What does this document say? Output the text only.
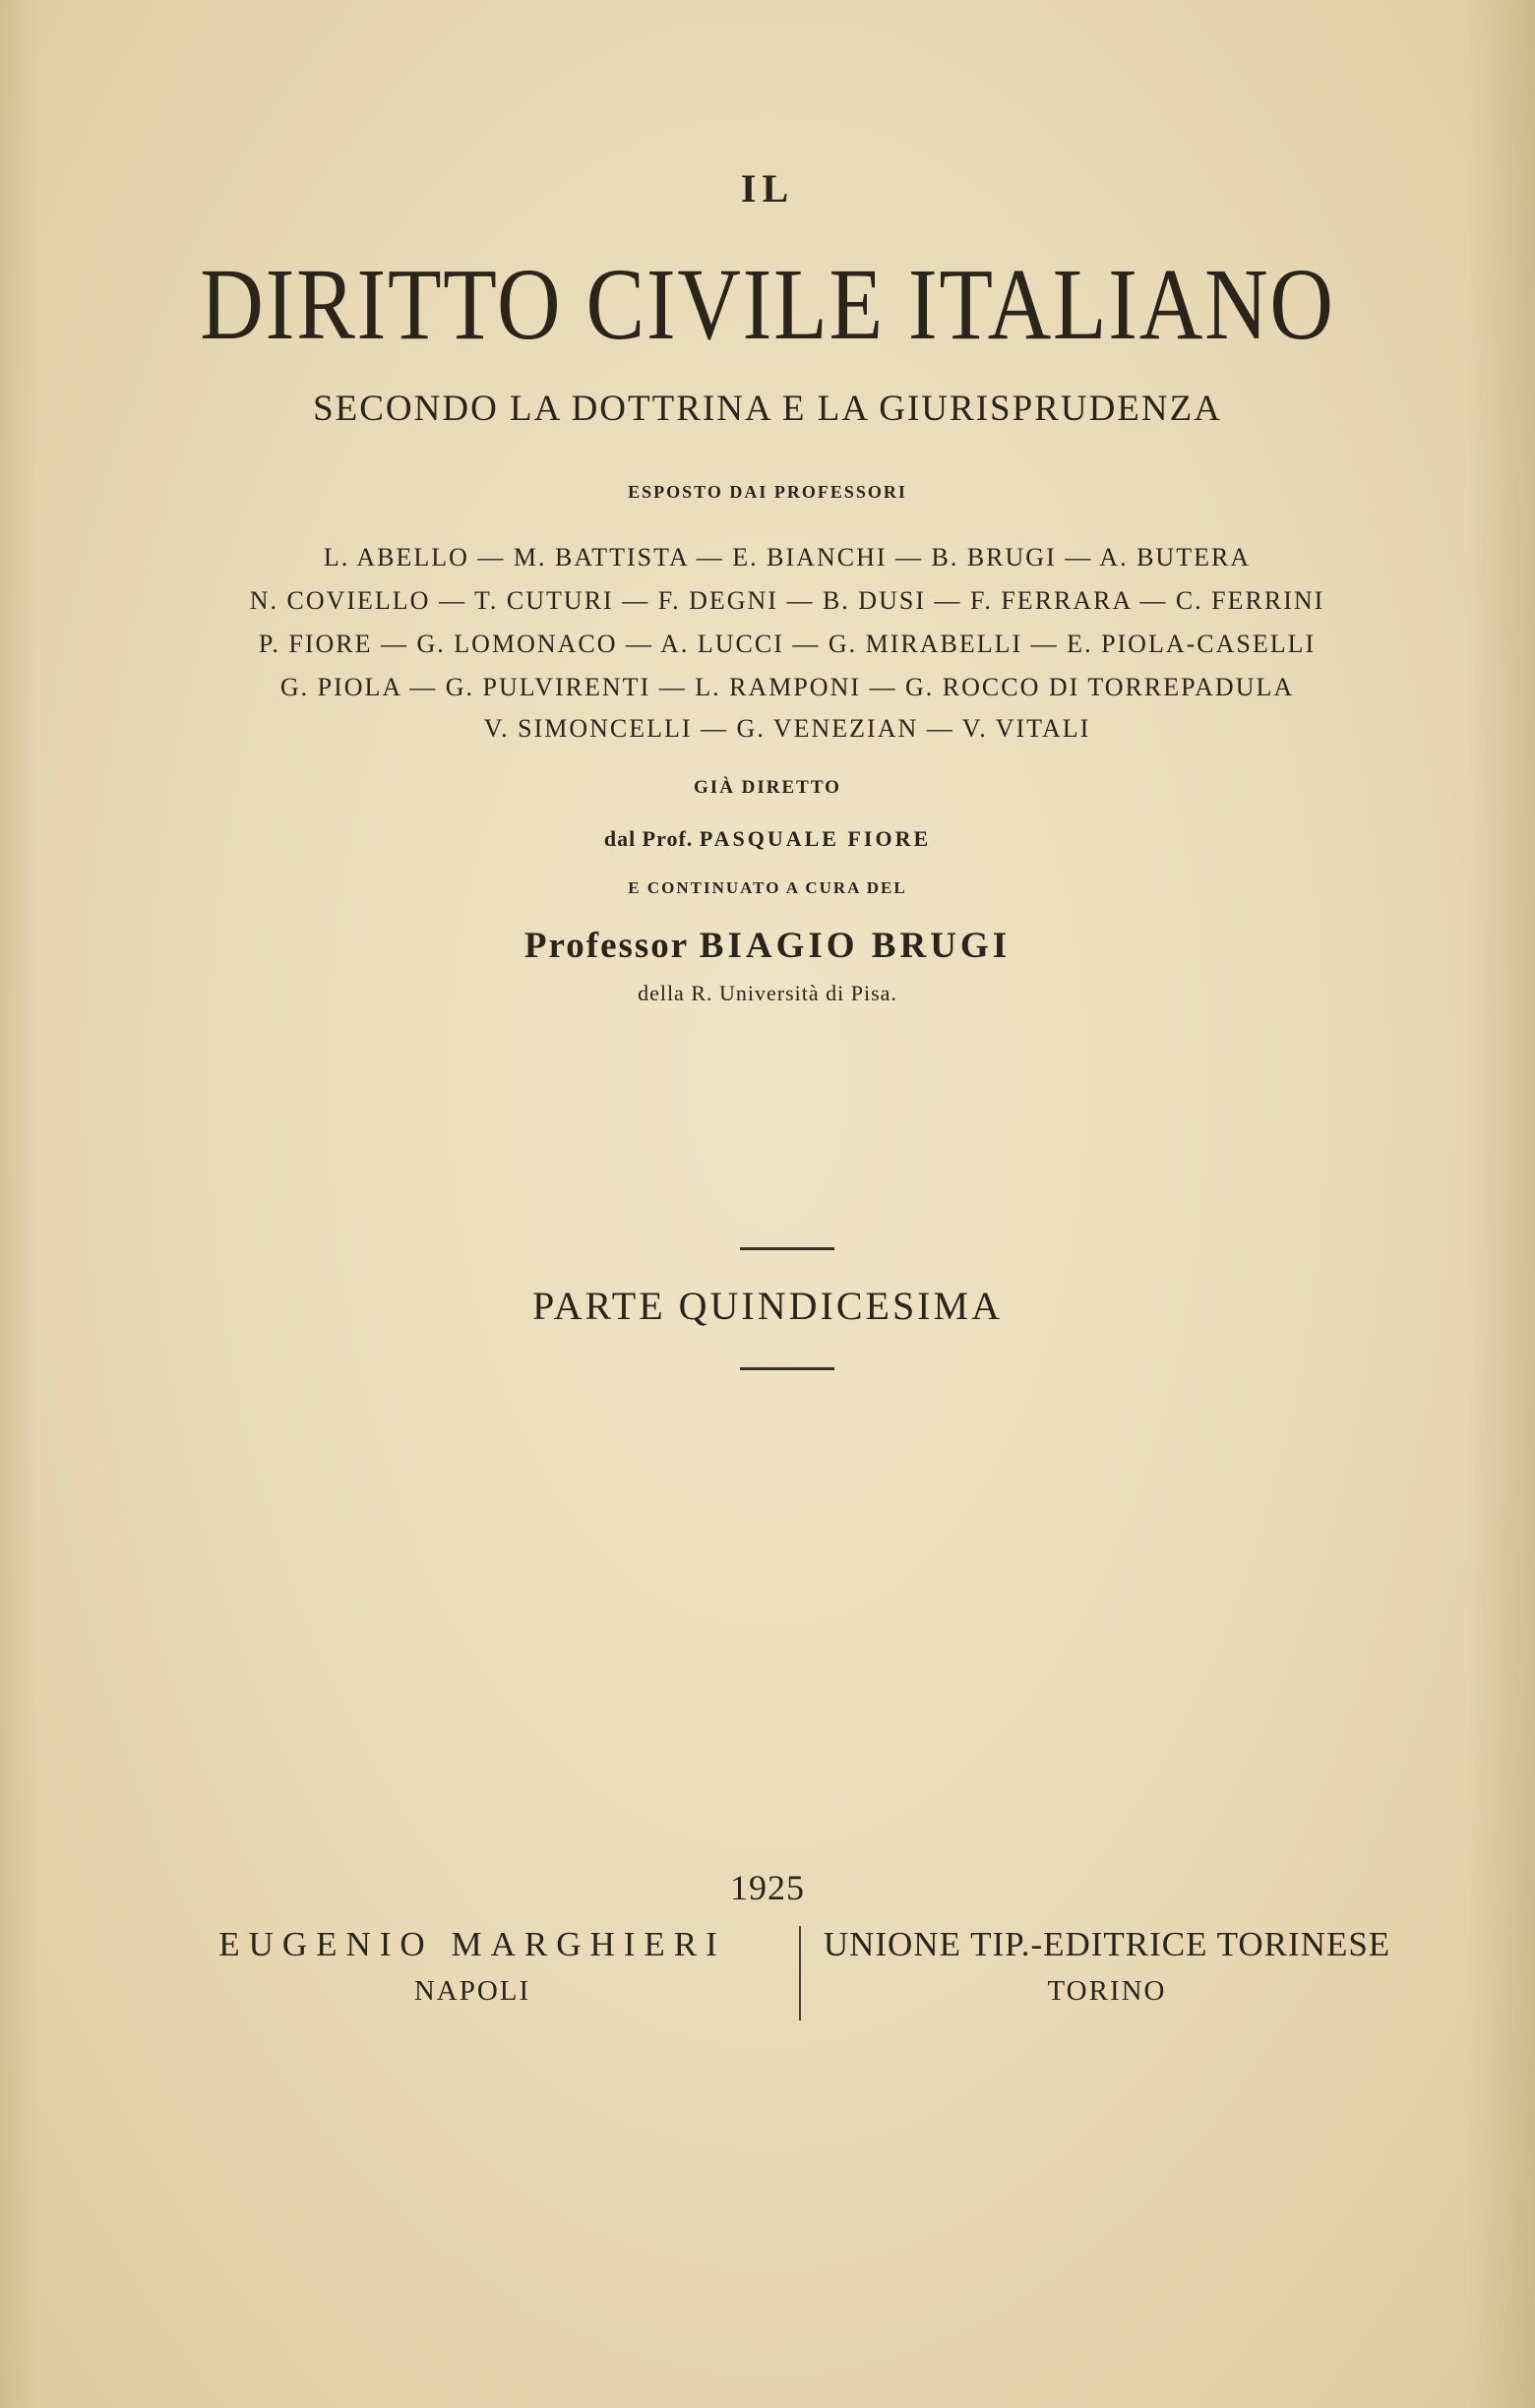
IL
DIRITTO CIVILE ITALIANO
SECONDO LA DOTTRINA E LA GIURISPRUDENZA
ESPOSTO DAI PROFESSORI
L. ABELLO — M. BATTISTA — E. BIANCHI — B. BRUGI — A. BUTERA
N. COVIELLO — T. CUTURI — F. DEGNI — B. DUSI — F. FERRARA — C. FERRINI
P. FIORE — G. LOMONACO — A. LUCCI — G. MIRABELLI — E. PIOLA-CASELLI
G. PIOLA — G. PULVIRENTI — L. RAMPONI — G. ROCCO DI TORREPADULA
V. SIMONCELLI — G. VENEZIAN — V. VITALI
GIÀ DIRETTO
dal Prof. PASQUALE FIORE
E CONTINUATO A CURA DEL
Professor BIAGIO BRUGI
della R. Università di Pisa.
PARTE QUINDICESIMA
1925
EUGENIO MARGHIERI
NAPOLI
UNIONE TIP.-EDITRICE TORINESE
TORINO
